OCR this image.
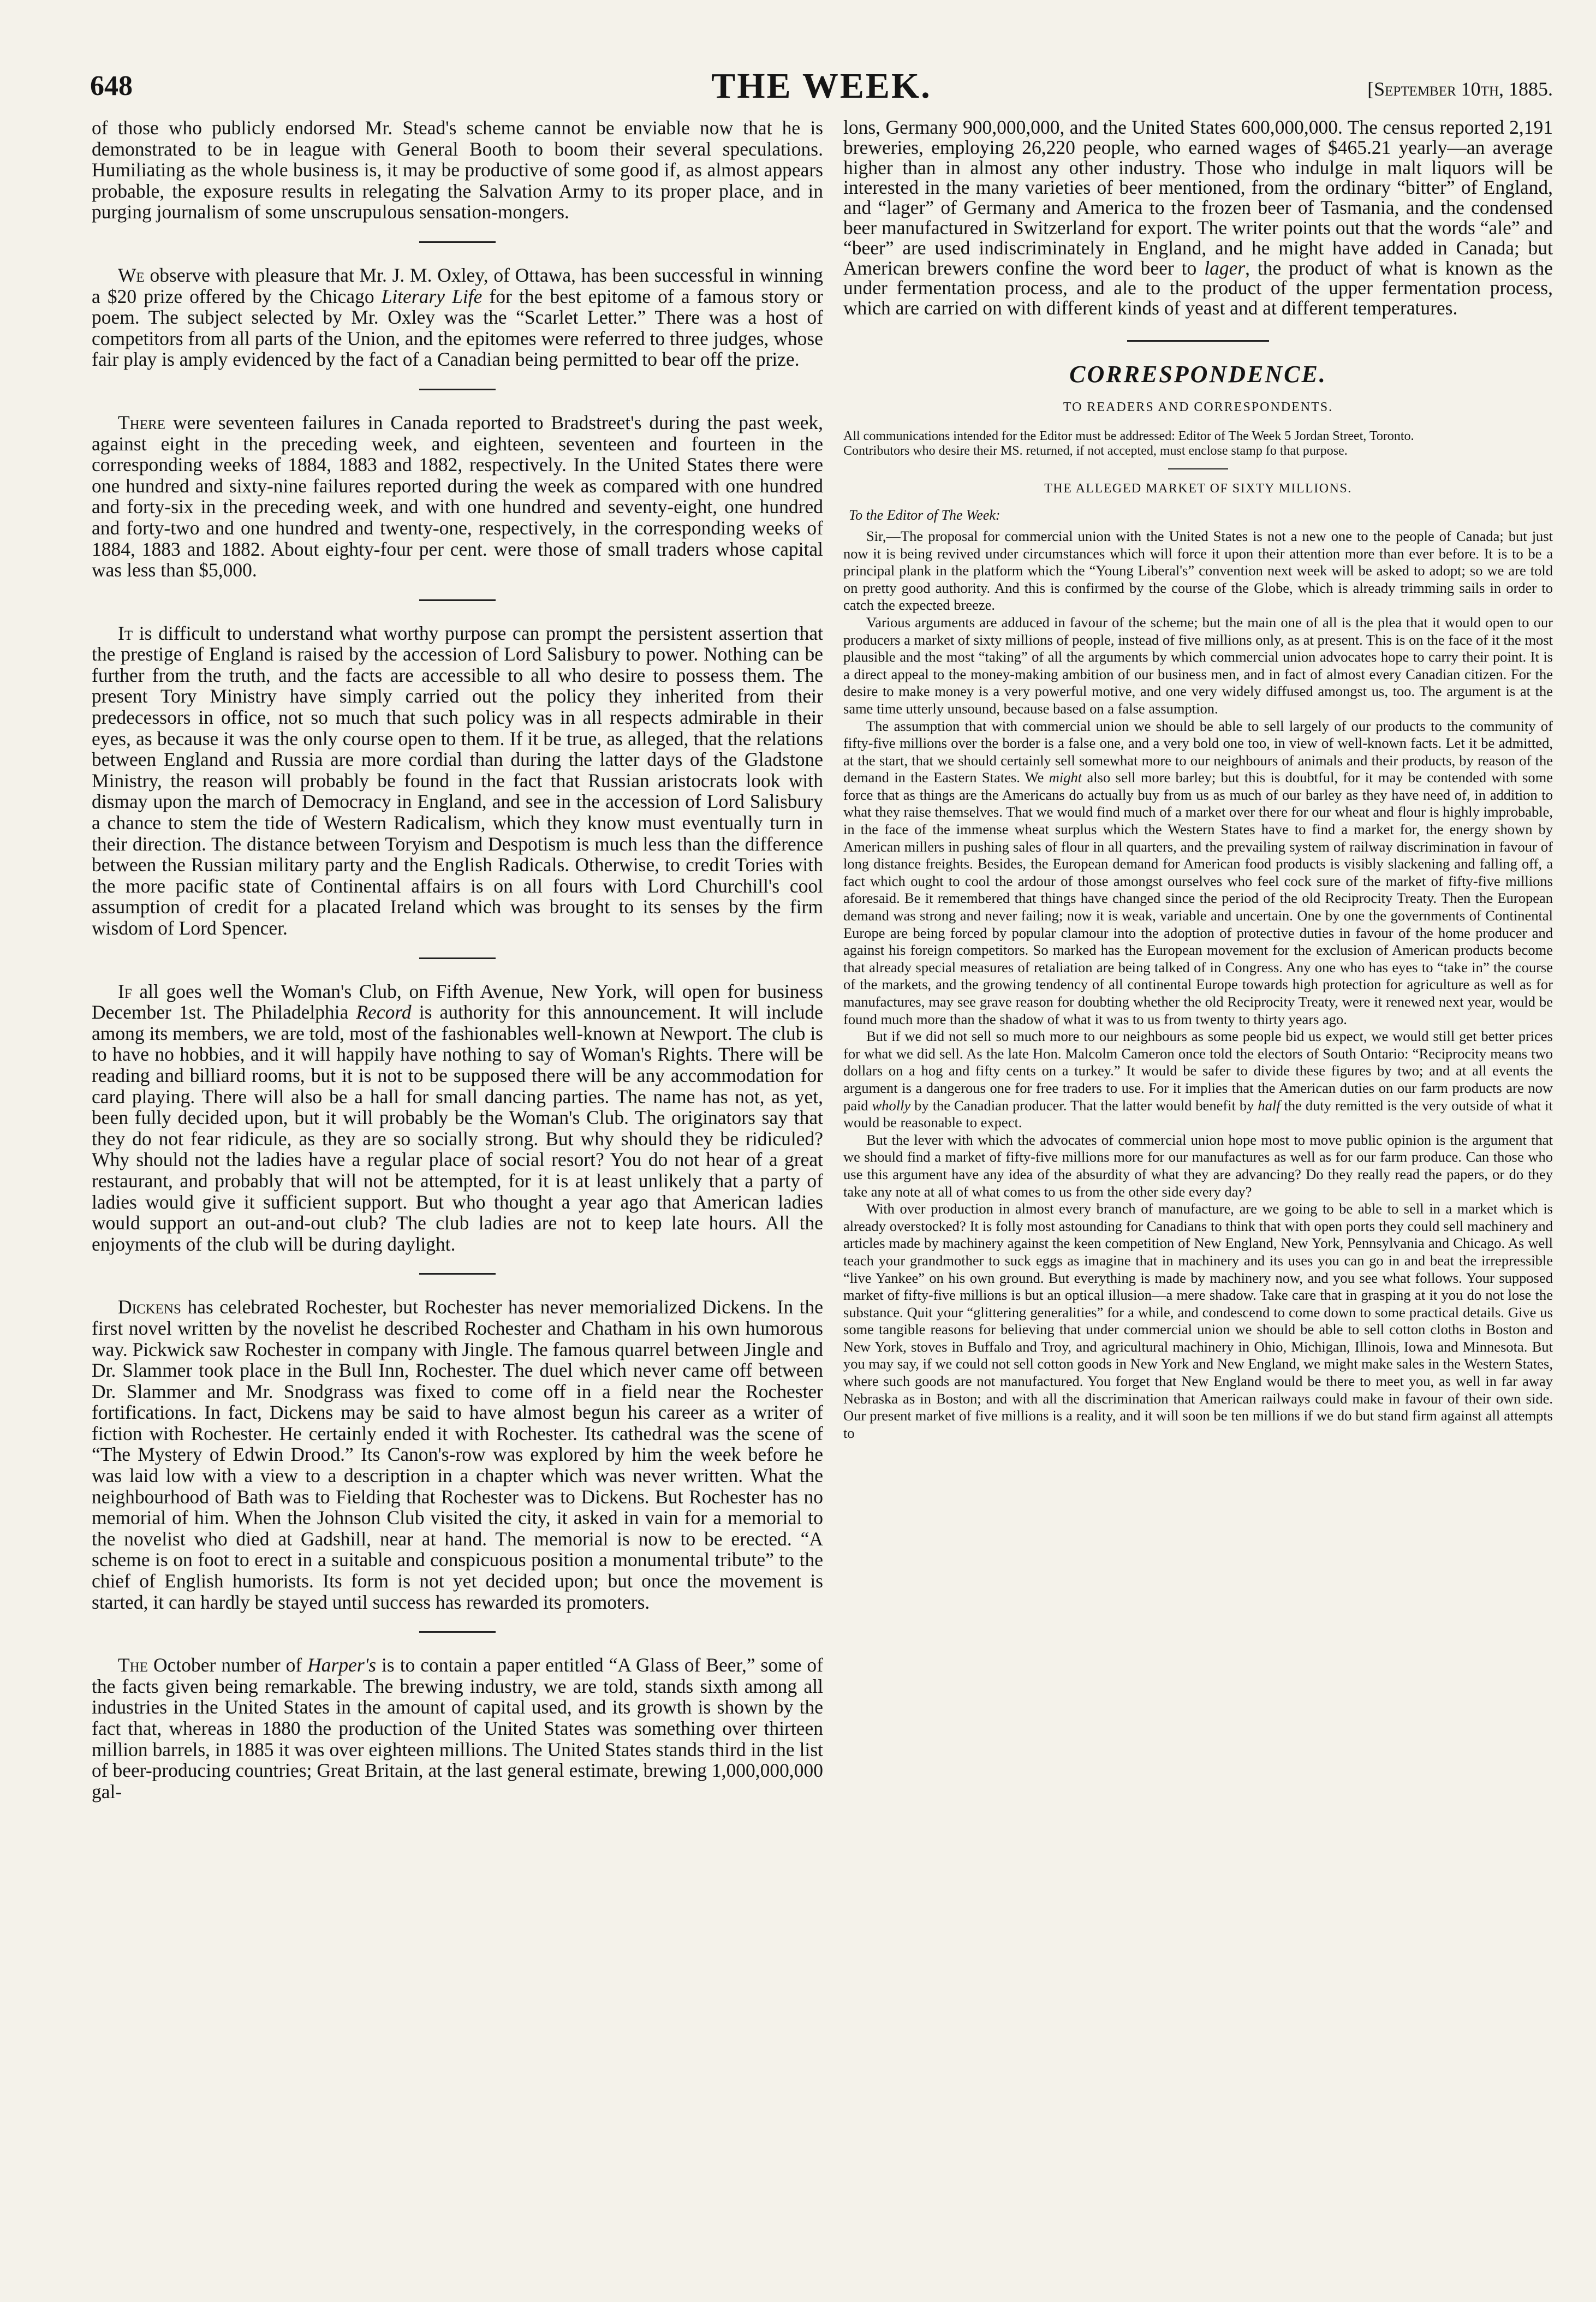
648	THE WEEK.	[September 10th, 1885.

of those who publicly endorsed Mr. Stead's scheme cannot be enviable now that he is demonstrated to be in league with General Booth to boom their several speculations. Humiliating as the whole business is, it may be productive of some good if, as almost appears probable, the exposure results in relegating the Salvation Army to its proper place, and in purging journalism of some unscrupulous sensation-mongers.

We observe with pleasure that Mr. J. M. Oxley, of Ottawa, has been successful in winning a $20 prize offered by the Chicago Literary Life for the best epitome of a famous story or poem. The subject selected by Mr. Oxley was the “Scarlet Letter.” There was a host of competitors from all parts of the Union, and the epitomes were referred to three judges, whose fair play is amply evidenced by the fact of a Canadian being permitted to bear off the prize.

There were seventeen failures in Canada reported to Bradstreet's during the past week, against eight in the preceding week, and eighteen, seventeen and fourteen in the corresponding weeks of 1884, 1883 and 1882, respectively. In the United States there were one hundred and sixty-nine failures reported during the week as compared with one hundred and forty-six in the preceding week, and with one hundred and seventy-eight, one hundred and forty-two and one hundred and twenty-one, respectively, in the corresponding weeks of 1884, 1883 and 1882. About eighty-four per cent. were those of small traders whose capital was less than $5,000.

It is difficult to understand what worthy purpose can prompt the persistent assertion that the prestige of England is raised by the accession of Lord Salisbury to power. Nothing can be further from the truth, and the facts are accessible to all who desire to possess them. The present Tory Ministry have simply carried out the policy they inherited from their predecessors in office, not so much that such policy was in all respects admirable in their eyes, as because it was the only course open to them. If it be true, as alleged, that the relations between England and Russia are more cordial than during the latter days of the Gladstone Ministry, the reason will probably be found in the fact that Russian aristocrats look with dismay upon the march of Democracy in England, and see in the accession of Lord Salisbury a chance to stem the tide of Western Radicalism, which they know must eventually turn in their direction. The distance between Toryism and Despotism is much less than the difference between the Russian military party and the English Radicals. Otherwise, to credit Tories with the more pacific state of Continental affairs is on all fours with Lord Churchill's cool assumption of credit for a placated Ireland which was brought to its senses by the firm wisdom of Lord Spencer.

If all goes well the Woman's Club, on Fifth Avenue, New York, will open for business December 1st. The Philadelphia Record is authority for this announcement. It will include among its members, we are told, most of the fashionables well-known at Newport. The club is to have no hobbies, and it will happily have nothing to say of Woman's Rights. There will be reading and billiard rooms, but it is not to be supposed there will be any accommodation for card playing. There will also be a hall for small dancing parties. The name has not, as yet, been fully decided upon, but it will probably be the Woman's Club. The originators say that they do not fear ridicule, as they are so socially strong. But why should they be ridiculed? Why should not the ladies have a regular place of social resort? You do not hear of a great restaurant, and probably that will not be attempted, for it is at least unlikely that a party of ladies would give it sufficient support. But who thought a year ago that American ladies would support an out-and-out club? The club ladies are not to keep late hours. All the enjoyments of the club will be during daylight.

Dickens has celebrated Rochester, but Rochester has never memorialized Dickens. In the first novel written by the novelist he described Rochester and Chatham in his own humorous way. Pickwick saw Rochester in company with Jingle. The famous quarrel between Jingle and Dr. Slammer took place in the Bull Inn, Rochester. The duel which never came off between Dr. Slammer and Mr. Snodgrass was fixed to come off in a field near the Rochester fortifications. In fact, Dickens may be said to have almost begun his career as a writer of fiction with Rochester. He certainly ended it with Rochester. Its cathedral was the scene of “The Mystery of Edwin Drood.” Its Canon's-row was explored by him the week before he was laid low with a view to a description in a chapter which was never written. What the neighbourhood of Bath was to Fielding that Rochester was to Dickens. But Rochester has no memorial of him. When the Johnson Club visited the city, it asked in vain for a memorial to the novelist who died at Gadshill, near at hand. The memorial is now to be erected. “A scheme is on foot to erect in a suitable and conspicuous position a monumental tribute” to the chief of English humorists. Its form is not yet decided upon; but once the movement is started, it can hardly be stayed until success has rewarded its promoters.

The October number of Harper's is to contain a paper entitled “A Glass of Beer,” some of the facts given being remarkable. The brewing industry, we are told, stands sixth among all industries in the United States in the amount of capital used, and its growth is shown by the fact that, whereas in 1880 the production of the United States was something over thirteen million barrels, in 1885 it was over eighteen millions. The United States stands third in the list of beer-producing countries; Great Britain, at the last general estimate, brewing 1,000,000,000 gal-

lons, Germany 900,000,000, and the United States 600,000,000. The census reported 2,191 breweries, employing 26,220 people, who earned wages of $465.21 yearly—an average higher than in almost any other industry. Those who indulge in malt liquors will be interested in the many varieties of beer mentioned, from the ordinary “bitter” of England, and “lager” of Germany and America to the frozen beer of Tasmania, and the condensed beer manufactured in Switzerland for export. The writer points out that the words “ale” and “beer” are used indiscriminately in England, and he might have added in Canada; but American brewers confine the word beer to lager, the product of what is known as the under fermentation process, and ale to the product of the upper fermentation process, which are carried on with different kinds of yeast and at different temperatures.

CORRESPONDENCE.
TO READERS AND CORRESPONDENTS.

All communications intended for the Editor must be addressed: Editor of The Week 5 Jordan Street, Toronto.

Contributors who desire their MS. returned, if not accepted, must enclose stamp fo that purpose.

THE ALLEGED MARKET OF SIXTY MILLIONS.
To the Editor of The Week:

Sir,—The proposal for commercial union with the United States is not a new one to the people of Canada; but just now it is being revived under circumstances which will force it upon their attention more than ever before. It is to be a principal plank in the platform which the “Young Liberal's” convention next week will be asked to adopt; so we are told on pretty good authority. And this is confirmed by the course of the Globe, which is already trimming sails in order to catch the expected breeze.

Various arguments are adduced in favour of the scheme; but the main one of all is the plea that it would open to our producers a market of sixty millions of people, instead of five millions only, as at present. This is on the face of it the most plausible and the most “taking” of all the arguments by which commercial union advocates hope to carry their point. It is a direct appeal to the money-making ambition of our business men, and in fact of almost every Canadian citizen. For the desire to make money is a very powerful motive, and one very widely diffused amongst us, too. The argument is at the same time utterly unsound, because based on a false assumption.

The assumption that with commercial union we should be able to sell largely of our products to the community of fifty-five millions over the border is a false one, and a very bold one too, in view of well-known facts. Let it be admitted, at the start, that we should certainly sell somewhat more to our neighbours of animals and their products, by reason of the demand in the Eastern States. We might also sell more barley; but this is doubtful, for it may be contended with some force that as things are the Americans do actually buy from us as much of our barley as they have need of, in addition to what they raise themselves. That we would find much of a market over there for our wheat and flour is highly improbable, in the face of the immense wheat surplus which the Western States have to find a market for, the energy shown by American millers in pushing sales of flour in all quarters, and the prevailing system of railway discrimination in favour of long distance freights. Besides, the European demand for American food products is visibly slackening and falling off, a fact which ought to cool the ardour of those amongst ourselves who feel cock sure of the market of fifty-five millions aforesaid. Be it remembered that things have changed since the period of the old Reciprocity Treaty. Then the European demand was strong and never failing; now it is weak, variable and uncertain. One by one the governments of Continental Europe are being forced by popular clamour into the adoption of protective duties in favour of the home producer and against his foreign competitors. So marked has the European movement for the exclusion of American products become that already special measures of retaliation are being talked of in Congress. Any one who has eyes to “take in” the course of the markets, and the growing tendency of all continental Europe towards high protection for agriculture as well as for manufactures, may see grave reason for doubting whether the old Reciprocity Treaty, were it renewed next year, would be found much more than the shadow of what it was to us from twenty to thirty years ago.

But if we did not sell so much more to our neighbours as some people bid us expect, we would still get better prices for what we did sell. As the late Hon. Malcolm Cameron once told the electors of South Ontario: “Reciprocity means two dollars on a hog and fifty cents on a turkey.” It would be safer to divide these figures by two; and at all events the argument is a dangerous one for free traders to use. For it implies that the American duties on our farm products are now paid wholly by the Canadian producer. That the latter would benefit by half the duty remitted is the very outside of what it would be reasonable to expect.

But the lever with which the advocates of commercial union hope most to move public opinion is the argument that we should find a market of fifty-five millions more for our manufactures as well as for our farm produce. Can those who use this argument have any idea of the absurdity of what they are advancing? Do they really read the papers, or do they take any note at all of what comes to us from the other side every day?

With over production in almost every branch of manufacture, are we going to be able to sell in a market which is already overstocked? It is folly most astounding for Canadians to think that with open ports they could sell machinery and articles made by machinery against the keen competition of New England, New York, Pennsylvania and Chicago. As well teach your grandmother to suck eggs as imagine that in machinery and its uses you can go in and beat the irrepressible “live Yankee” on his own ground. But everything is made by machinery now, and you see what follows. Your supposed market of fifty-five millions is but an optical illusion—a mere shadow. Take care that in grasping at it you do not lose the substance. Quit your “glittering generalities” for a while, and condescend to come down to some practical details. Give us some tangible reasons for believing that under commercial union we should be able to sell cotton cloths in Boston and New York, stoves in Buffalo and Troy, and agricultural machinery in Ohio, Michigan, Illinois, Iowa and Minnesota. But you may say, if we could not sell cotton goods in New York and New England, we might make sales in the Western States, where such goods are not manufactured. You forget that New England would be there to meet you, as well in far away Nebraska as in Boston; and with all the discrimination that American railways could make in favour of their own side. Our present market of five millions is a reality, and it will soon be ten millions if we do but stand firm against all attempts to
